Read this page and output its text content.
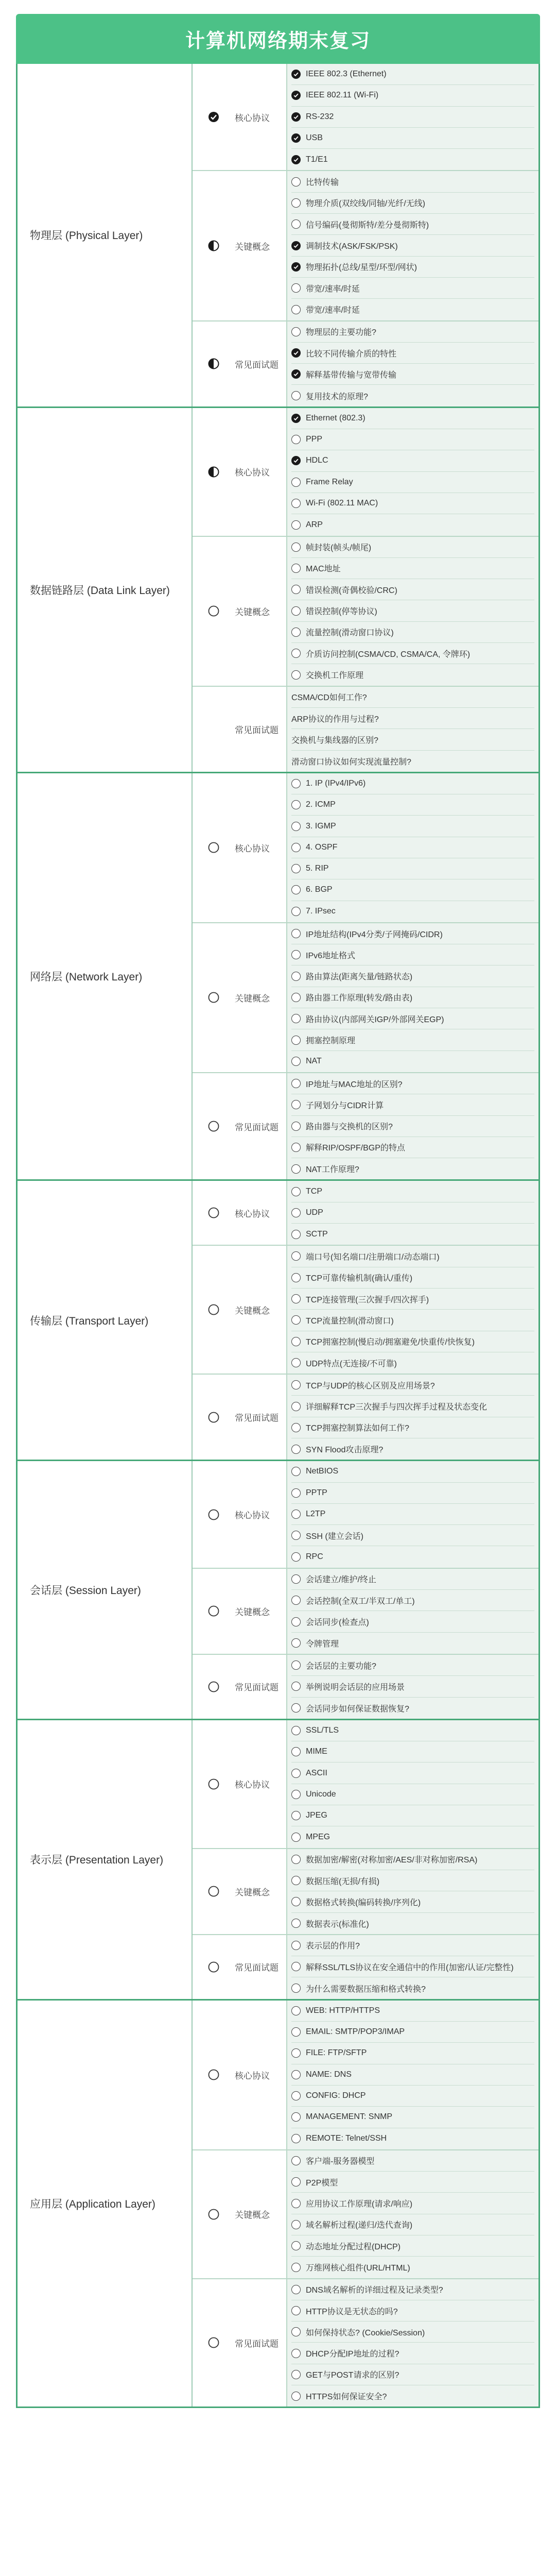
计算机网络期末复习
物理层 (Physical Layer)
核心协议
IEEE 802.3 (Ethernet)
IEEE 802.11 (Wi-Fi)
RS-232
USB
T1/E1
关键概念
比特传输
物理介质(双绞线/同轴/光纤/无线)
信号编码(曼彻斯特/差分曼彻斯特)
调制技术(ASK/FSK/PSK)
物理拓扑(总线/星型/环型/网状)
带宽/速率/时延
带宽/速率/时延
常见面试题
物理层的主要功能?
比较不同传输介质的特性
解释基带传输与宽带传输
复用技术的原理?
数据链路层 (Data Link Layer)
核心协议
Ethernet (802.3)
PPP
HDLC
Frame Relay
Wi-Fi (802.11 MAC)
ARP
关键概念
帧封装(帧头/帧尾)
MAC地址
错误检测(奇偶校验/CRC)
错误控制(停等协议)
流量控制(滑动窗口协议)
介质访问控制(CSMA/CD, CSMA/CA, 令牌环)
交换机工作原理
常见面试题
CSMA/CD如何工作?
ARP协议的作用与过程?
交换机与集线器的区别?
滑动窗口协议如何实现流量控制?
网络层 (Network Layer)
核心协议
1. IP (IPv4/IPv6)
2. ICMP
3. IGMP
4. OSPF
5. RIP
6. BGP
7. IPsec
关键概念
IP地址结构(IPv4分类/子网掩码/CIDR)
IPv6地址格式
路由算法(距离矢量/链路状态)
路由器工作原理(转发/路由表)
路由协议(内部网关IGP/外部网关EGP)
拥塞控制原理
NAT
常见面试题
IP地址与MAC地址的区别?
子网划分与CIDR计算
路由器与交换机的区别?
解释RIP/OSPF/BGP的特点
NAT工作原理?
传输层 (Transport Layer)
核心协议
TCP
UDP
SCTP
关键概念
端口号(知名端口/注册端口/动态端口)
TCP可靠传输机制(确认/重传)
TCP连接管理(三次握手/四次挥手)
TCP流量控制(滑动窗口)
TCP拥塞控制(慢启动/拥塞避免/快重传/快恢复)
UDP特点(无连接/不可靠)
常见面试题
TCP与UDP的核心区别及应用场景?
详细解释TCP三次握手与四次挥手过程及状态变化
TCP拥塞控制算法如何工作?
SYN Flood攻击原理?
会话层 (Session Layer)
核心协议
NetBIOS
PPTP
L2TP
SSH (建立会话)
RPC
关键概念
会话建立/维护/终止
会话控制(全双工/半双工/单工)
会话同步(检查点)
令牌管理
常见面试题
会话层的主要功能?
举例说明会话层的应用场景
会话同步如何保证数据恢复?
表示层 (Presentation Layer)
核心协议
SSL/TLS
MIME
ASCII
Unicode
JPEG
MPEG
关键概念
数据加密/解密(对称加密/AES/非对称加密/RSA)
数据压缩(无损/有损)
数据格式转换(编码转换/序列化)
数据表示(标准化)
常见面试题
表示层的作用?
解释SSL/TLS协议在安全通信中的作用(加密/认证/完整性)
为什么需要数据压缩和格式转换?
应用层 (Application Layer)
核心协议
WEB: HTTP/HTTPS
EMAIL: SMTP/POP3/IMAP
FILE: FTP/SFTP
NAME: DNS
CONFIG: DHCP
MANAGEMENT: SNMP
REMOTE: Telnet/SSH
关键概念
客户端-服务器模型
P2P模型
应用协议工作原理(请求/响应)
域名解析过程(递归/迭代查询)
动态地址分配过程(DHCP)
万维网核心组件(URL/HTML)
常见面试题
DNS域名解析的详细过程及记录类型?
HTTP协议是无状态的吗?
如何保持状态? (Cookie/Session)
DHCP分配IP地址的过程?
GET与POST请求的区别?
HTTPS如何保证安全?
